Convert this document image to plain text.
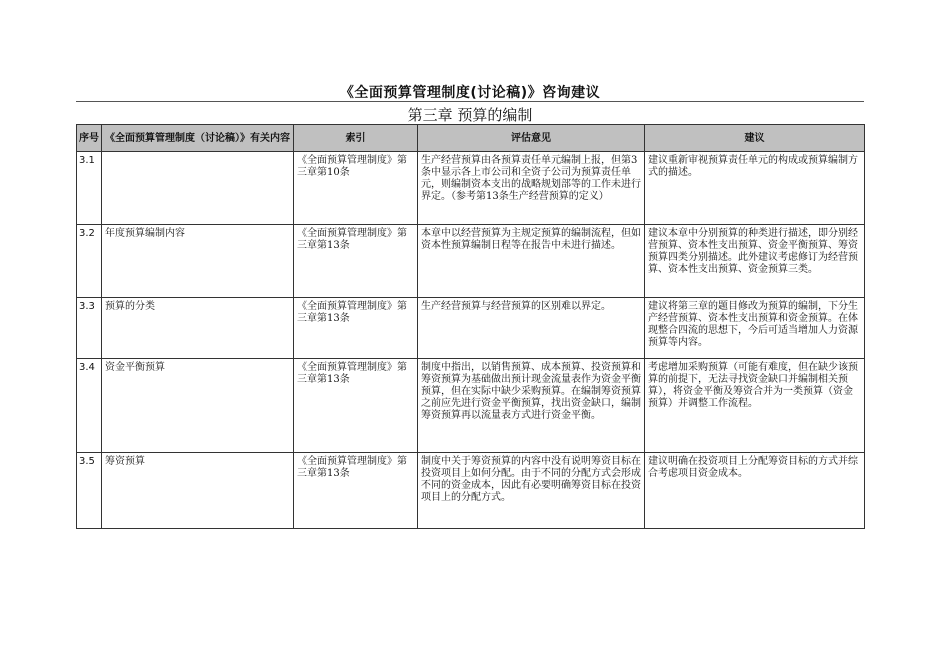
《全面预算管理制度(讨论稿)》咨询建议
第三章 预算的编制
序号	《全面预算管理制度（讨论稿）》有关内容	索引	评估意见	建议
3.1		《全面预算管理制度》第三章第10条	生产经营预算由各预算责任单元编制上报，但第3条中显示各上市公司和全资子公司为预算责任单元，则编制资本支出的战略规划部等的工作未进行界定。（参考第13条生产经营预算的定义）	建议重新审视预算责任单元的构成或预算编制方式的描述。
3.2	年度预算编制内容	《全面预算管理制度》第三章第13条	本章中以经营预算为主规定预算的编制流程，但如资本性预算编制日程等在报告中未进行描述。	建议本章中分别预算的种类进行描述，即分别经营预算、资本性支出预算、资金平衡预算、筹资预算四类分别描述。此外建议考虑修订为经营预算、资本性支出预算、资金预算三类。
3.3	预算的分类	《全面预算管理制度》第三章第13条	生产经营预算与经营预算的区别难以界定。	建议将第三章的题目修改为预算的编制，下分生产经营预算、资本性支出预算和资金预算。在体现整合四流的思想下，今后可适当增加人力资源预算等内容。
3.4	资金平衡预算	《全面预算管理制度》第三章第13条	制度中指出，以销售预算、成本预算、投资预算和筹资预算为基础做出预计现金流量表作为资金平衡预算，但在实际中缺少采购预算。在编制筹资预算之前应先进行资金平衡预算，找出资金缺口，编制筹资预算再以流量表方式进行资金平衡。	考虑增加采购预算（可能有难度，但在缺少该预算的前提下，无法寻找资金缺口并编制相关预算），将资金平衡及筹资合并为一类预算（资金预算）并调整工作流程。
3.5	筹资预算	《全面预算管理制度》第三章第13条	制度中关于筹资预算的内容中没有说明筹资目标在投资项目上如何分配。由于不同的分配方式会形成不同的资金成本，因此有必要明确筹资目标在投资项目上的分配方式。	建议明确在投资项目上分配筹资目标的方式并综合考虑项目资金成本。
